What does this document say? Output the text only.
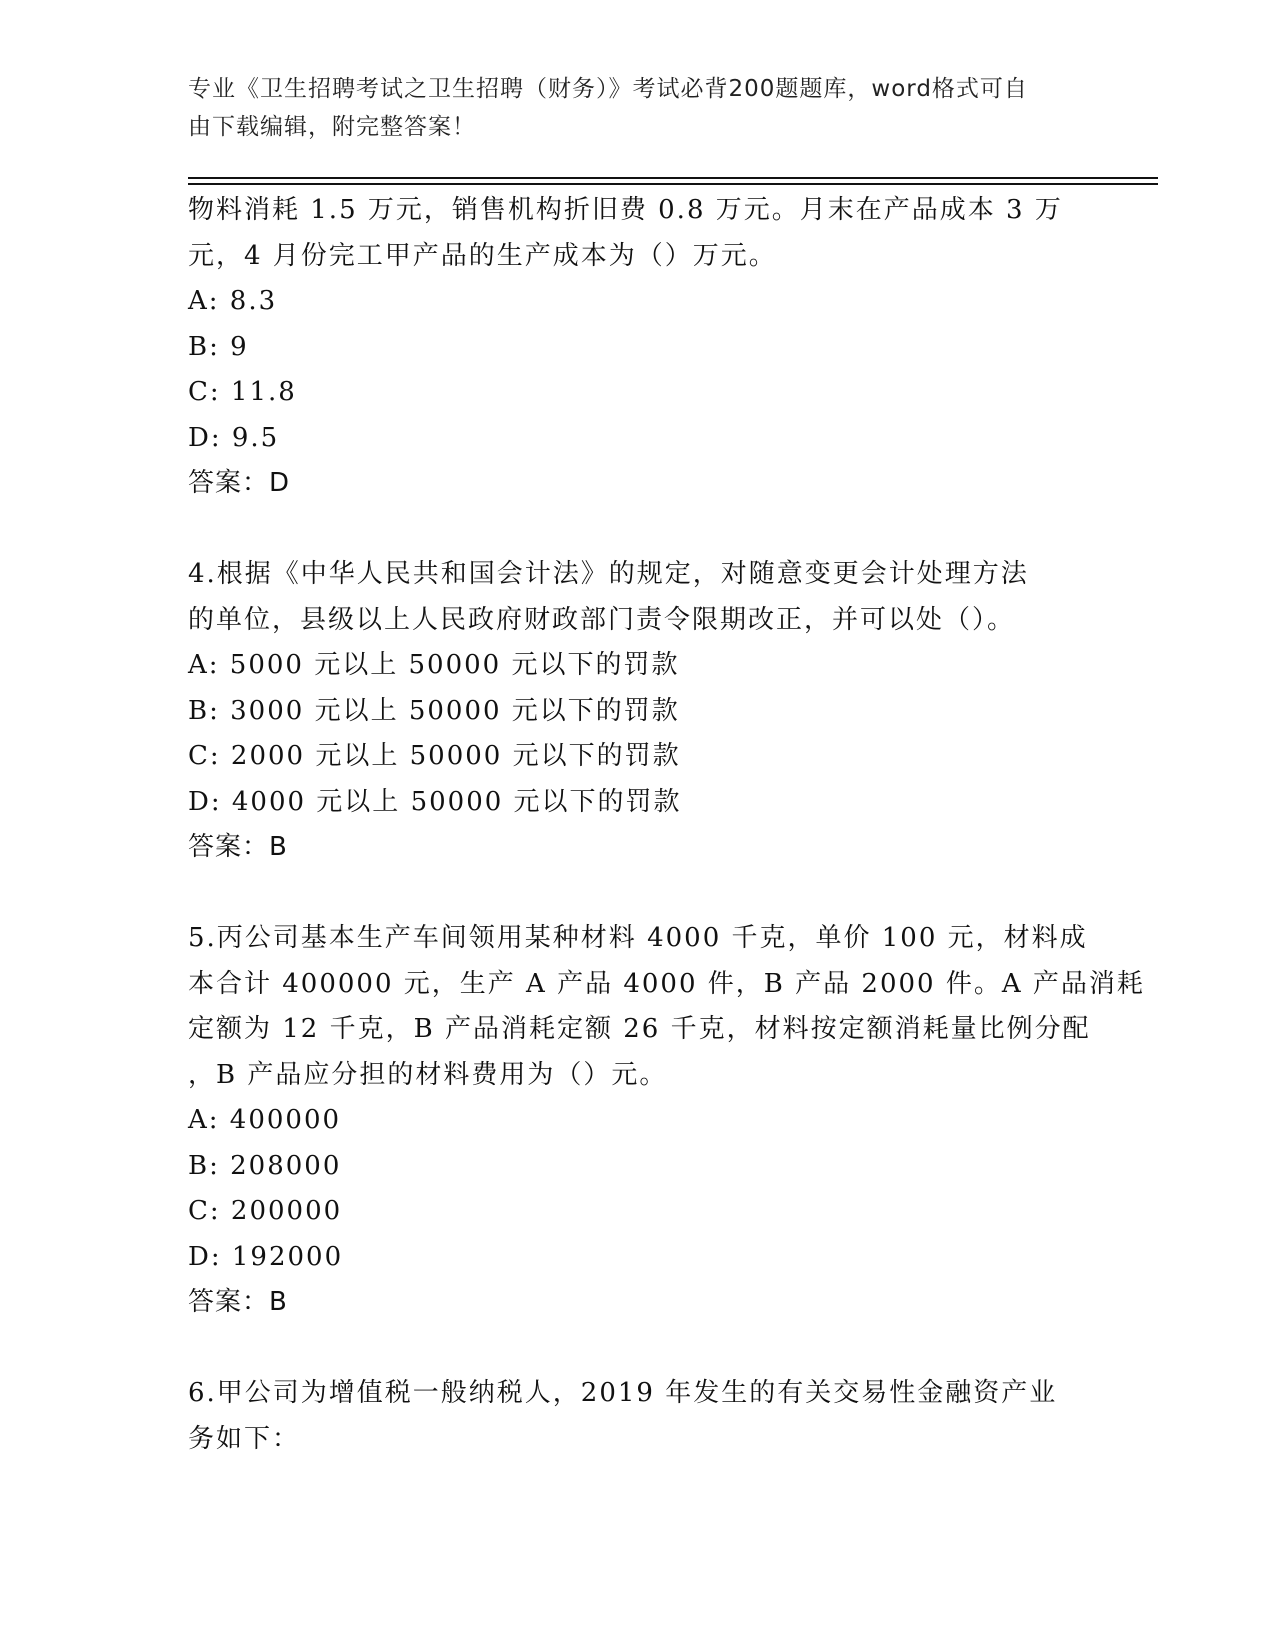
专业《卫生招聘考试之卫生招聘（财务）》考试必背200题题库，word格式可自
由下载编辑，附完整答案！
物料消耗 1.5 万元，销售机构折旧费 0.8 万元。月末在产品成本 3 万
元，4 月份完工甲产品的生产成本为（）万元。
A: 8.3
B: 9
C: 11.8
D: 9.5
答案：D
4.根据《中华人民共和国会计法》的规定，对随意变更会计处理方法
的单位，县级以上人民政府财政部门责令限期改正，并可以处（）。
A: 5000 元以上 50000 元以下的罚款
B: 3000 元以上 50000 元以下的罚款
C: 2000 元以上 50000 元以下的罚款
D: 4000 元以上 50000 元以下的罚款
答案：B
5.丙公司基本生产车间领用某种材料 4000 千克，单价 100 元，材料成
本合计 400000 元，生产 A 产品 4000 件，B 产品 2000 件。A 产品消耗
定额为 12 千克，B 产品消耗定额 26 千克，材料按定额消耗量比例分配
，B 产品应分担的材料费用为（）元。
A: 400000
B: 208000
C: 200000
D: 192000
答案：B
6.甲公司为增值税一般纳税人，2019 年发生的有关交易性金融资产业
务如下：
